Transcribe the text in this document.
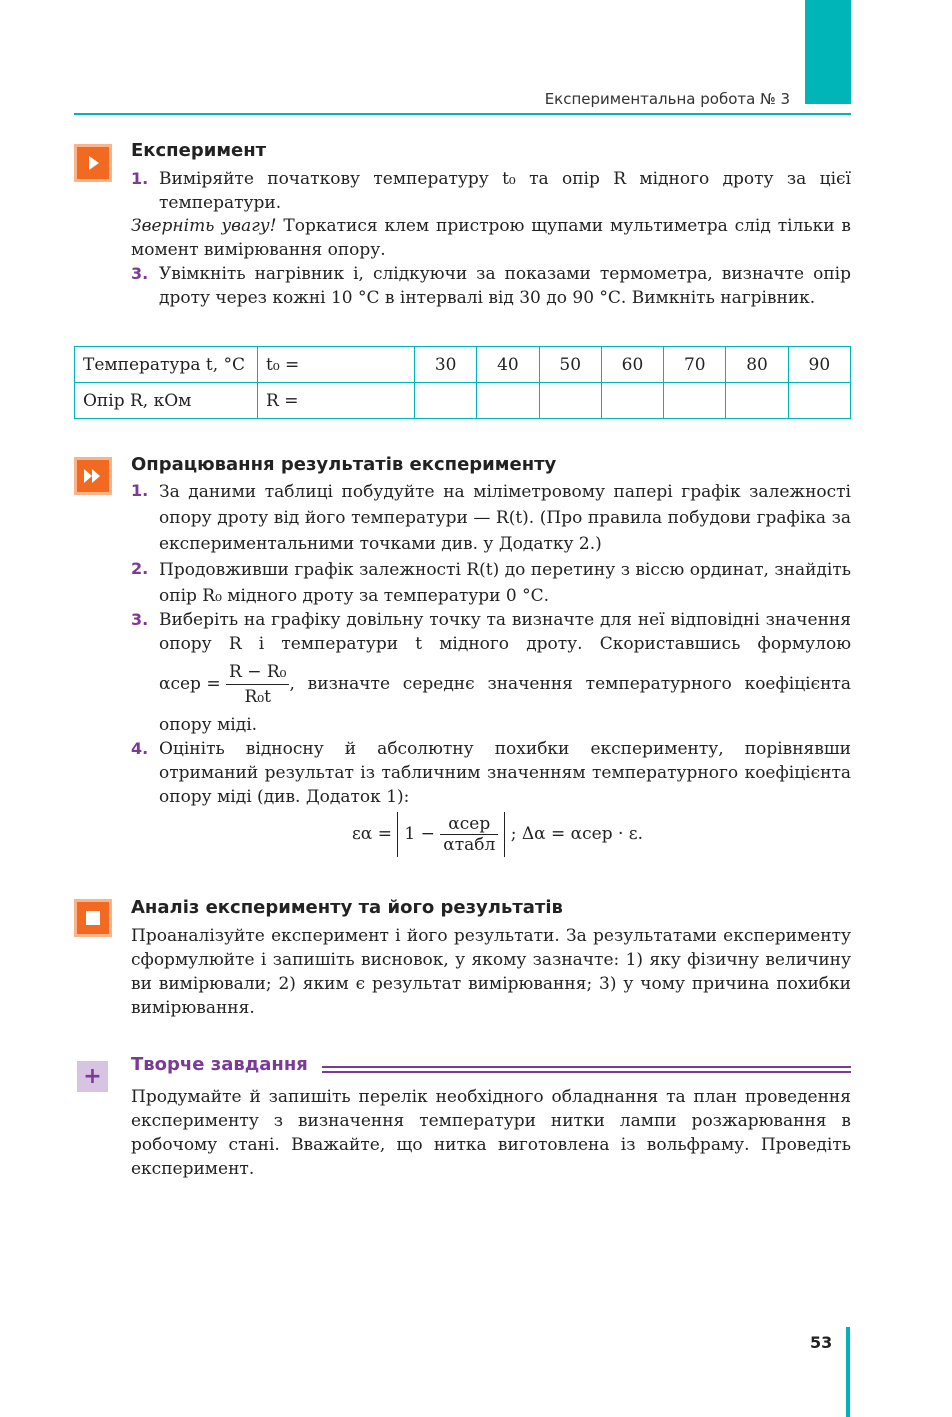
Експериментальна робота № 3
Експеримент
1. Виміряйте початкову температуру t₀ та опір R мідного дроту за цієї температури.
Зверніть увагу! Торкатися клем пристрою щупами мультиметра слід тільки в момент вимірювання опору.
3. Увімкніть нагрівник і, слідкуючи за показами термометра, визначте опір дроту через кожні 10 °С в інтервалі від 30 до 90 °С. Вимкніть нагрівник.
Температура t, °С	t₀ =	30	40	50	60	70	80	90
Опір R, кОм	R =							
Опрацювання результатів експерименту
1. За даними таблиці побудуйте на міліметровому папері графік залежності опору дроту від його температури — R(t). (Про правила побудови графіка за експериментальними точками див. у Додатку 2.)
2. Продовживши графік залежності R(t) до перетину з віссю ординат, знайдіть опір R₀ мідного дроту за температури 0 °С.
3. Виберіть на графіку довільну точку та визначте для неї відповідні значення опору R і температури t мідного дроту. Скориставшись формулою $\alpha сер = \frac{\text{R − R₀}}{\text{R₀t}}$ , визначте середнє значення температурного коефіцієнта опору міді.
4. Оцініть відносну й абсолютну похибки експерименту, порівнявши отриманий результат із табличним значенням температурного коефіцієнта опору міді (див. Додаток 1):
$\varepsilon\alpha = 1 - \frac{\text{αсер}}{\text{αтабл}}$ ; Δα = αсер · ε.
Аналіз експерименту та його результатів
Проаналізуйте експеримент і його результати. За результатами експерименту сформулюйте і запишіть висновок, у якому зазначте: 1) яку фізичну величину ви вимірювали; 2) яким є результат вимірювання; 3) у чому причина похибки вимірювання.
+	Творче завдання
Продумайте й запишіть перелік необхідного обладнання та план проведення експерименту з визначення температури нитки лампи розжарювання в робочому стані. Вважайте, що нитка виготовлена із вольфраму. Проведіть експеримент.
53
